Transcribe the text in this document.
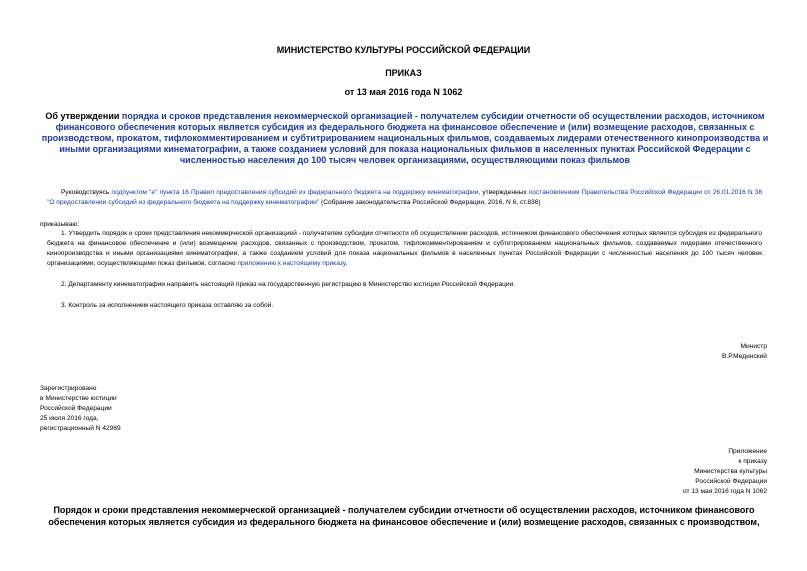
МИНИСТЕРСТВО КУЛЬТУРЫ РОССИЙСКОЙ ФЕДЕРАЦИИ
ПРИКАЗ
от 13 мая 2016 года N 1062
Об утверждении порядка и сроков представления некоммерческой организацией - получателем субсидии отчетности об осуществлении расходов, источником финансового обеспечения которых является субсидия из федерального бюджета на финансовое обеспечение и (или) возмещение расходов, связанных с производством, прокатом, тифлокомментированием и субтитрированием национальных фильмов, создаваемых лидерами отечественного кинопроизводства и иными организациями кинематографии, а также созданием условий для показа национальных фильмов в населенных пунктах Российской Федерации с численностью населения до 100 тысяч человек организациями, осуществляющими показ фильмов
Руководствуясь подпунктом "е" пункта 16 Правил предоставления субсидий из федерального бюджета на поддержку кинематографии, утвержденных постановлением Правительства Российской Федерации от 26.01.2016 N 38 "О предоставлении субсидий из федерального бюджета на поддержку кинематографии" (Собрание законодательства Российской Федерации, 2016, N 6, ст.836)
приказываю:
1. Утвердить порядок и сроки представления некоммерческой организацией - получателем субсидии отчетности об осуществлении расходов, источником финансового обеспечения которых является субсидия из федерального бюджета на финансовое обеспечение и (или) возмещение расходов, связанных с производством, прокатом, тифлокомментированием и субтитрированием национальных фильмов, создаваемых лидерами отечественного кинопроизводства и иными организациями кинематографии, а также созданием условий для показа национальных фильмов в населенных пунктах Российской Федерации с численностью населения до 100 тысяч человек организациями, осуществляющими показ фильмов, согласно приложению к настоящему приказу.
2. Департаменту кинематографии направить настоящий приказ на государственную регистрацию в Министерство юстиции Российской Федерации.
3. Контроль за исполнением настоящего приказа оставляю за собой.
Министр
В.Р.Мединский
Зарегистрировано
в Министерстве юстиции
Российской Федерации
25 июля 2016 года,
регистрационный N 42969
Приложение
к приказу
Министерства культуры
Российской Федерации
от 13 мая 2016 года N 1062
Порядок и сроки представления некоммерческой организацией - получателем субсидии отчетности об осуществлении расходов, источником финансового обеспечения которых является субсидия из федерального бюджета на финансовое обеспечение и (или) возмещение расходов, связанных с производством,
